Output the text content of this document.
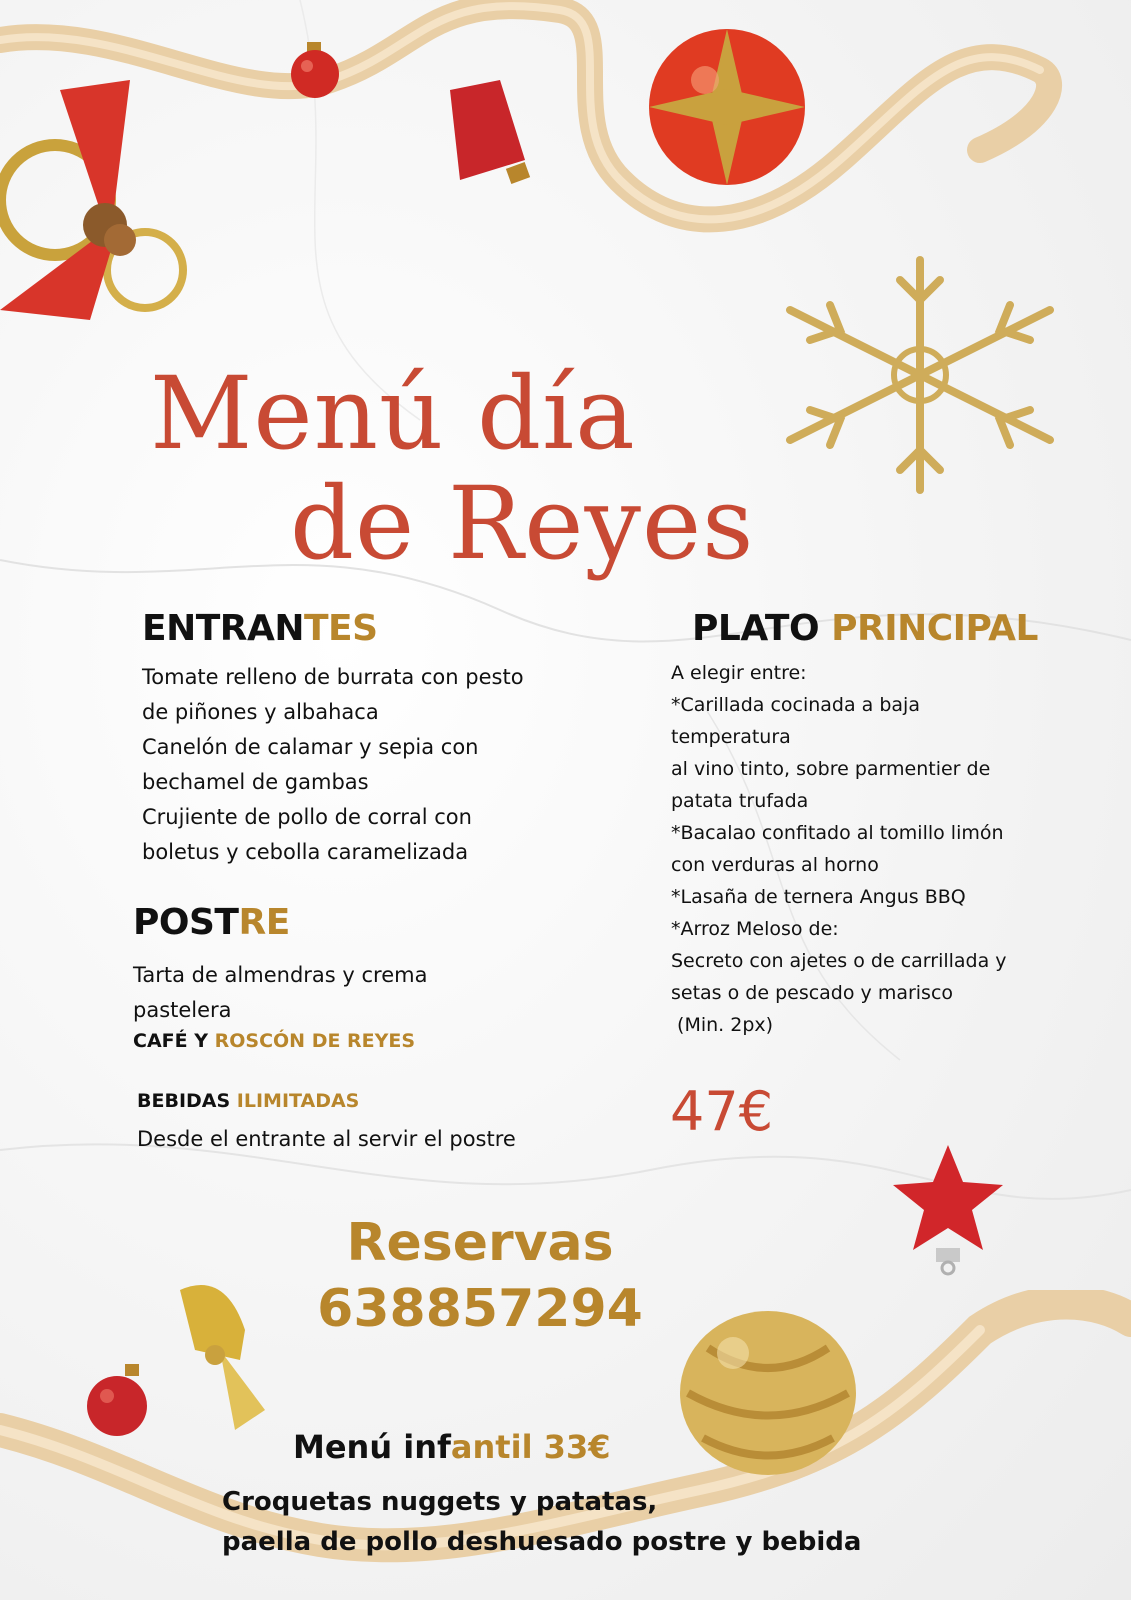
Menú día
de Reyes
ENTRANTES
Tomate relleno de burrata con pesto
de piñones y albahaca
Canelón de calamar y sepia con
bechamel de gambas
Crujiente de pollo de corral con
boletus y cebolla caramelizada
POSTRE
Tarta de almendras y crema
pastelera
CAFÉ Y ROSCÓN DE REYES
BEBIDAS ILIMITADAS
Desde el entrante al servir el postre
PLATO PRINCIPAL
A elegir entre:
*Carillada cocinada a baja
temperatura
al vino tinto, sobre parmentier de
patata trufada
*Bacalao confitado al tomillo limón
con verduras al horno
*Lasaña de ternera Angus BBQ
*Arroz Meloso de:
Secreto con ajetes o de carrillada y
setas o de pescado y marisco
(Min. 2px)
47€
Reservas
638857294
Menú infantil 33€
Croquetas nuggets y patatas,
paella de pollo deshuesado postre y bebida
